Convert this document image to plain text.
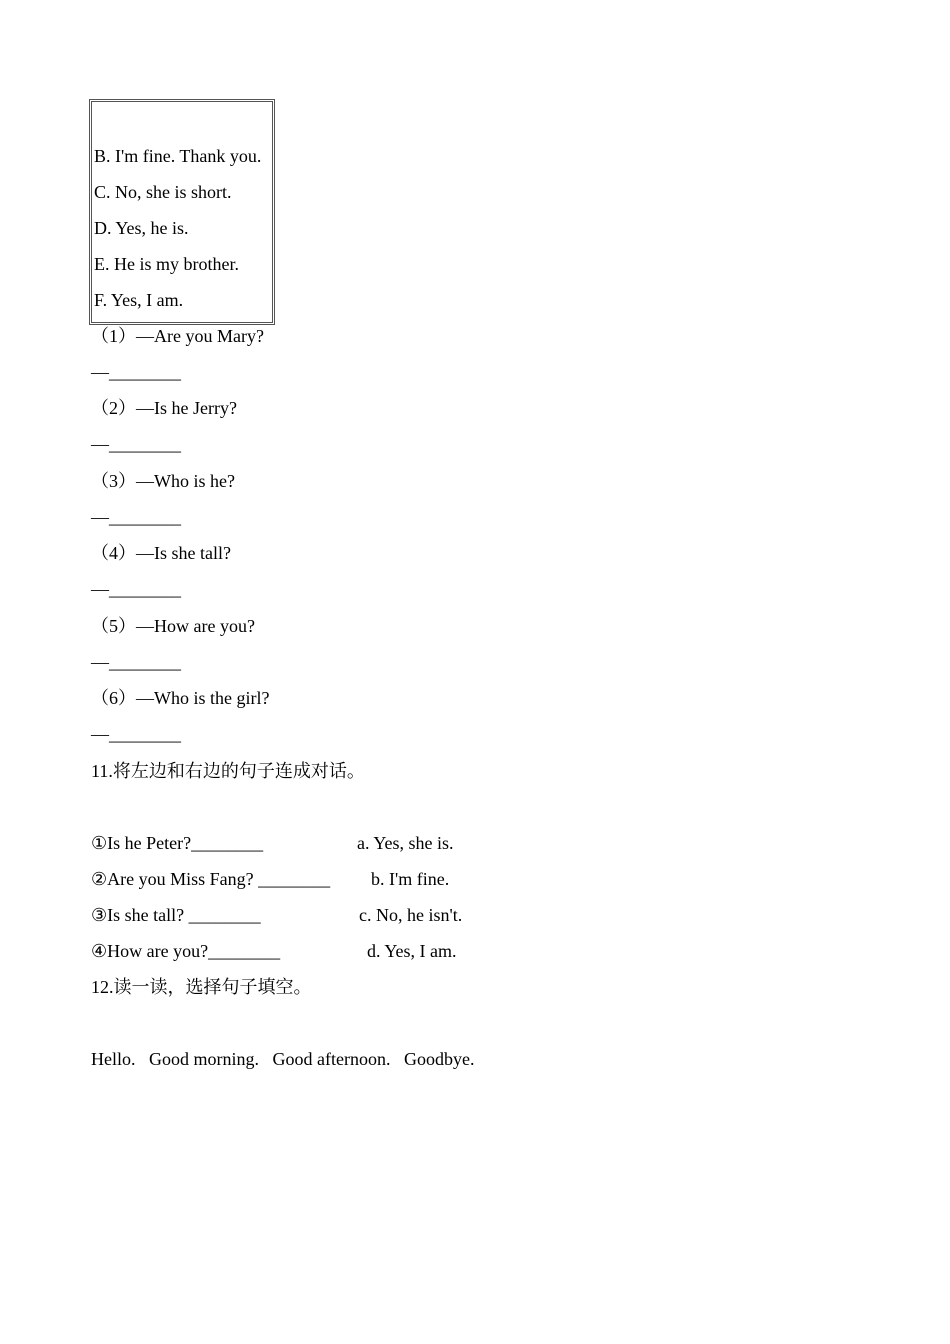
B. I'm fine. Thank you.
C. No, she is short.
D. Yes, he is.
E. He is my brother.
F. Yes, I am.
（1）—Are you Mary?
—________
（2）—Is he Jerry?
—________
（3）—Who is he?
—________
（4）—Is she tall?
—________
（5）—How are you?
—________
（6）—Who is the girl?
—________
11.将左边和右边的句子连成对话。
①Is he Peter?________	a. Yes, she is.
②Are you Miss Fang? ________ b. I'm fine.
③Is she tall? ________	c. No, he isn't.
④How are you?________	d. Yes, I am.
12.读一读，选择句子填空。
Hello.   Good morning.   Good afternoon.   Goodbye.
